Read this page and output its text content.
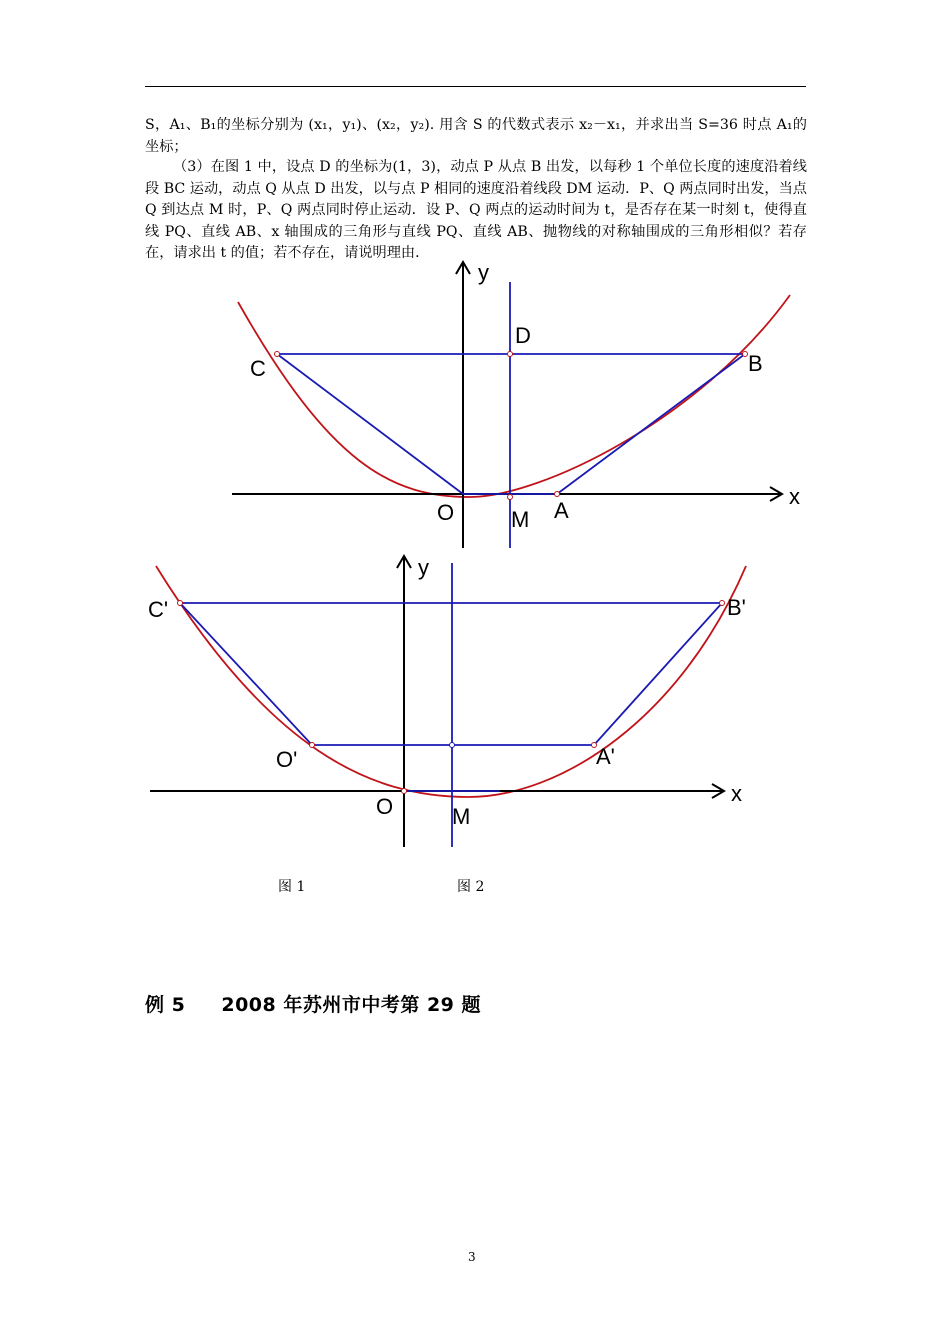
S，A₁、B₁的坐标分别为 (x₁，y₁)、(x₂，y₂). 用含 S 的代数式表示 x₂－x₁，并求出当 S=36 时点 A₁的坐标；

（3）在图 1 中，设点 D 的坐标为(1，3)，动点 P 从点 B 出发，以每秒 1 个单位长度的速度沿着线段 BC 运动，动点 Q 从点 D 出发，以与点 P 相同的速度沿着线段 DM 运动．P、Q 两点同时出发，当点 Q 到达点 M 时，P、Q 两点同时停止运动．设 P、Q 两点的运动时间为 t，是否存在某一时刻 t，使得直线 PQ、直线 AB、x 轴围成的三角形与直线 PQ、直线 AB、抛物线的对称轴围成的三角形相似？若存在，请求出 t 的值；若不存在，请说明理由．

y
x
D
C	B
O	M A
y
x
C'	B'
O'	A'
O	M
图 1	图 2
例 5 2008 年苏州市中考第 29 题
3
